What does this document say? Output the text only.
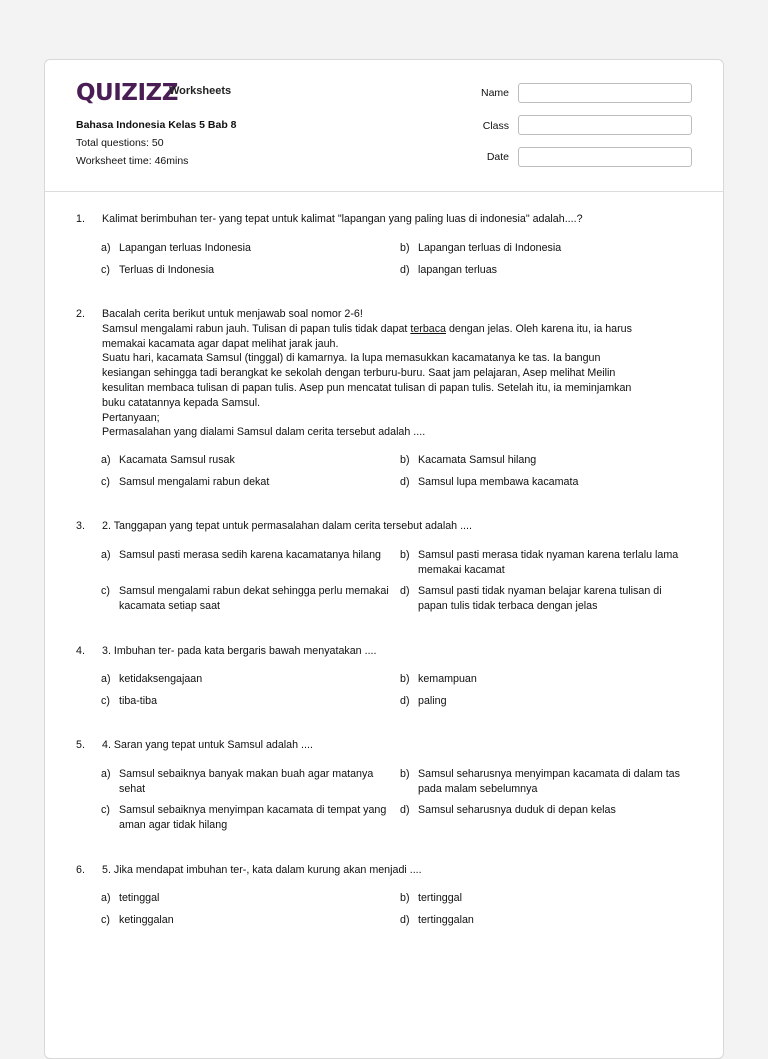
QUIZIZZ
Worksheets
Bahasa Indonesia Kelas 5 Bab 8
Total questions: 50
Worksheet time: 46mins
Name
Class
Date
1. Kalimat berimbuhan ter- yang tepat untuk kalimat "lapangan yang paling luas di indonesia" adalah....?
a) Lapangan terluas Indonesia	b) Lapangan terluas di Indonesia
c) Terluas di Indonesia	d) lapangan terluas
2. Bacalah cerita berikut untuk menjawab soal nomor 2-6!
Samsul mengalami rabun jauh. Tulisan di papan tulis tidak dapat terbaca dengan jelas. Oleh karena itu, ia harus
memakai kacamata agar dapat melihat jarak jauh.
Suatu hari, kacamata Samsul (tinggal) di kamarnya. Ia lupa memasukkan kacamatanya ke tas. Ia bangun
kesiangan sehingga tadi berangkat ke sekolah dengan terburu-buru. Saat jam pelajaran, Asep melihat Meilin
kesulitan membaca tulisan di papan tulis. Asep pun mencatat tulisan di papan tulis. Setelah itu, ia meminjamkan
buku catatannya kepada Samsul.
Pertanyaan;
Permasalahan yang dialami Samsul dalam cerita tersebut adalah ....
a) Kacamata Samsul rusak	b) Kacamata Samsul hilang
c) Samsul mengalami rabun dekat	d) Samsul lupa membawa kacamata
3. 2. Tanggapan yang tepat untuk permasalahan dalam cerita tersebut adalah ....
a) Samsul pasti merasa sedih karena kacamatanya hilang	b) Samsul pasti merasa tidak nyaman karena terlalu lama memakai kacamat
c) Samsul mengalami rabun dekat sehingga perlu memakai kacamata setiap saat
d) Samsul pasti tidak nyaman belajar karena tulisan di papan tulis tidak terbaca dengan jelas
4. 3. Imbuhan ter- pada kata bergaris bawah menyatakan ....
a) ketidaksengajaan	b) kemampuan
c) tiba-tiba	d) paling
5. 4. Saran yang tepat untuk Samsul adalah ....
a) Samsul sebaiknya banyak makan buah agar matanya sehat
b) Samsul seharusnya menyimpan kacamata di dalam tas pada malam sebelumnya
c) Samsul sebaiknya menyimpan kacamata di tempat yang aman agar tidak hilang
d) Samsul seharusnya duduk di depan kelas
6. 5. Jika mendapat imbuhan ter-, kata dalam kurung akan menjadi ....
a) tetinggal	b) tertinggal
c) ketinggalan	d) tertinggalan
